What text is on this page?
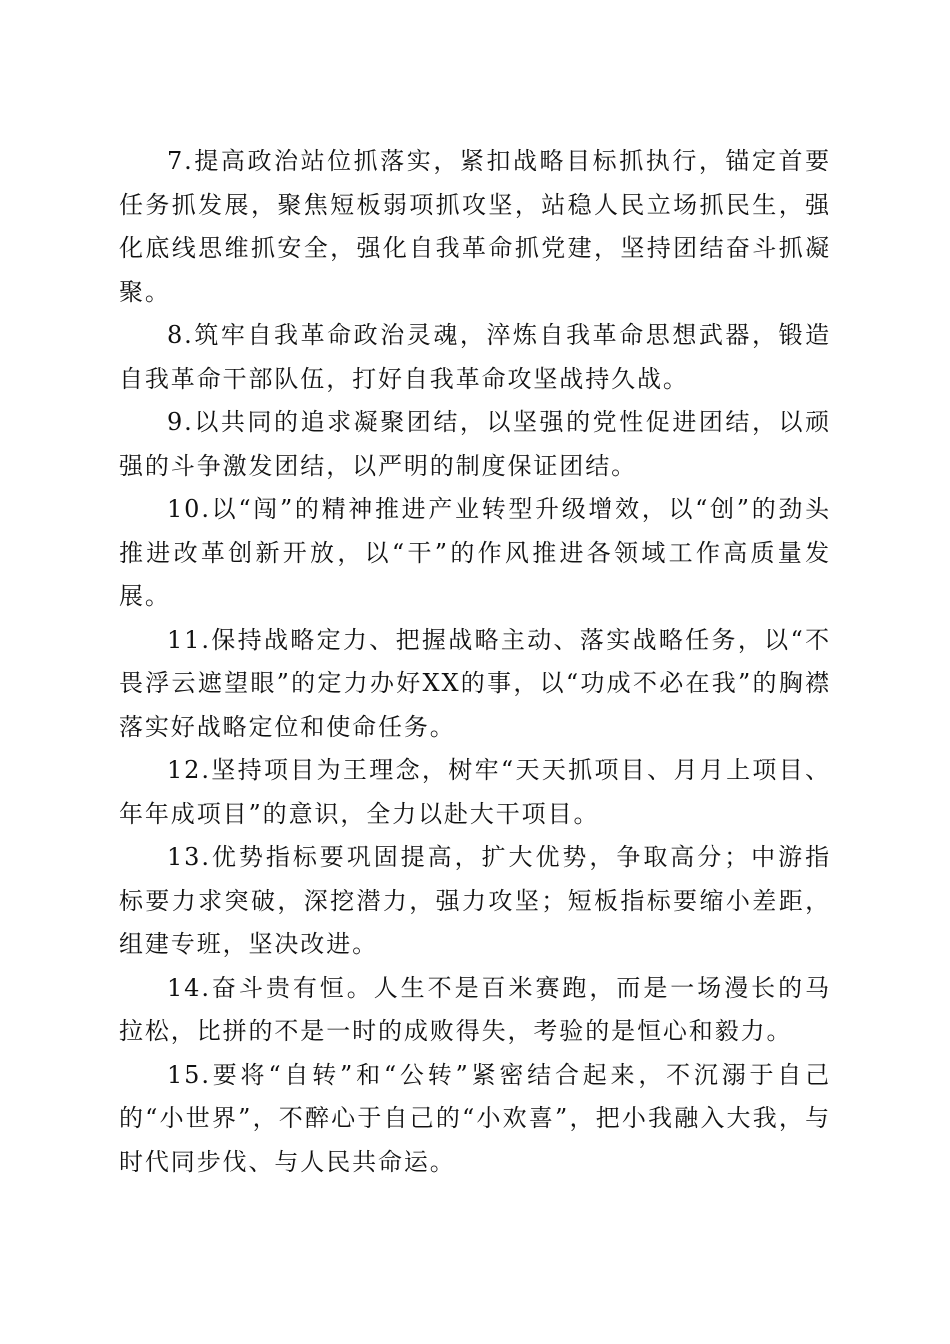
7.提高政治站位抓落实，紧扣战略目标抓执行，锚定首要任务抓发展，聚焦短板弱项抓攻坚，站稳人民立场抓民生，强化底线思维抓安全，强化自我革命抓党建，坚持团结奋斗抓凝聚。

8.筑牢自我革命政治灵魂，淬炼自我革命思想武器，锻造自我革命干部队伍，打好自我革命攻坚战持久战。

9.以共同的追求凝聚团结，以坚强的党性促进团结，以顽强的斗争激发团结，以严明的制度保证团结。

10.以“闯”的精神推进产业转型升级增效，以“创”的劲头推进改革创新开放，以“干”的作风推进各领域工作高质量发展。

11.保持战略定力、把握战略主动、落实战略任务，以“不畏浮云遮望眼”的定力办好XX的事，以“功成不必在我”的胸襟落实好战略定位和使命任务。

12.坚持项目为王理念，树牢“天天抓项目、月月上项目、年年成项目”的意识，全力以赴大干项目。

13.优势指标要巩固提高，扩大优势，争取高分；中游指标要力求突破，深挖潜力，强力攻坚；短板指标要缩小差距，组建专班，坚决改进。

14.奋斗贵有恒。人生不是百米赛跑，而是一场漫长的马拉松，比拼的不是一时的成败得失，考验的是恒心和毅力。

15.要将“自转”和“公转”紧密结合起来，不沉溺于自己的“小世界”，不醉心于自己的“小欢喜”，把小我融入大我，与时代同步伐、与人民共命运。
